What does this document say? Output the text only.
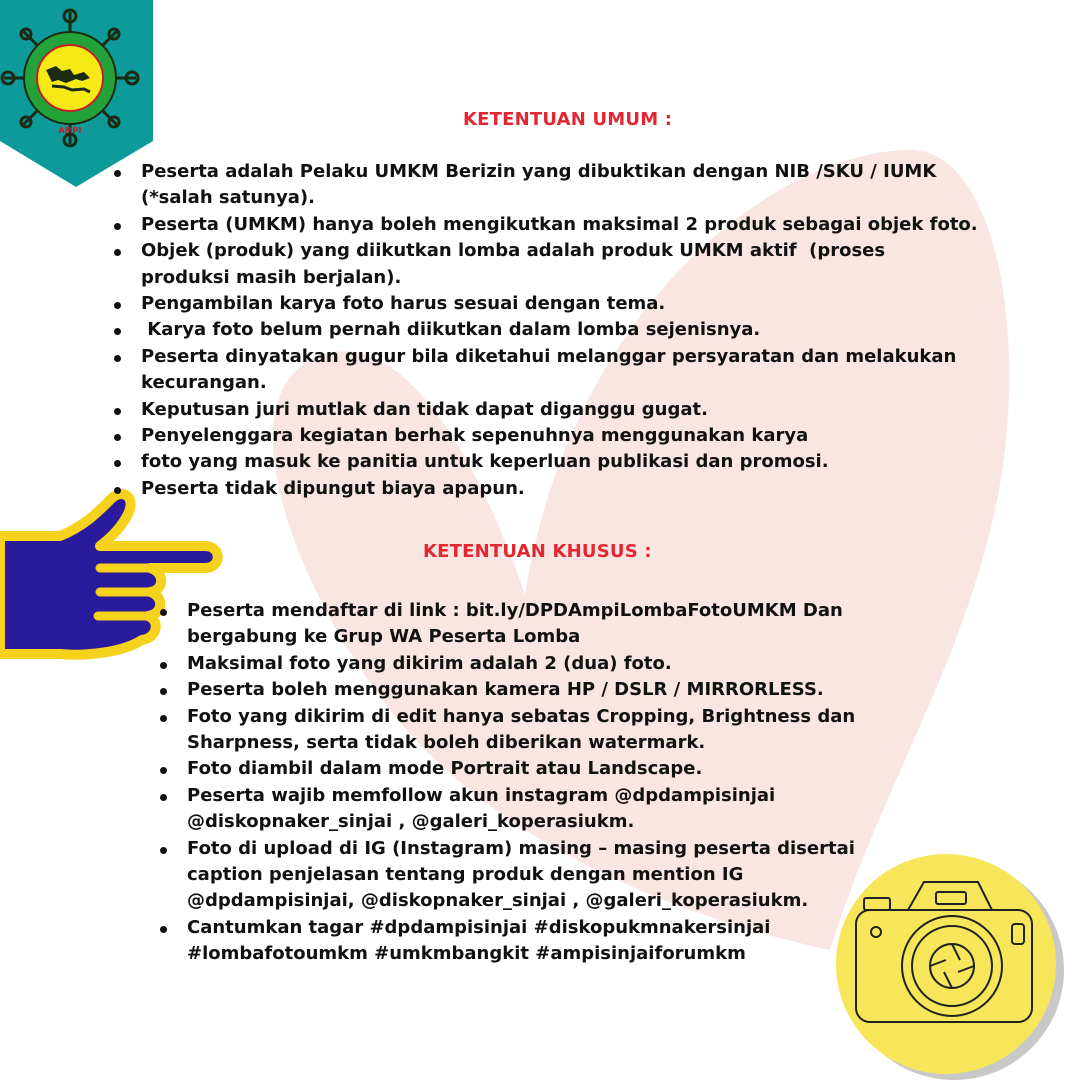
AMPI
KETENTUAN UMUM :
Peserta adalah Pelaku UMKM Berizin yang dibuktikan dengan NIB /SKU / IUMK
(*salah satunya).
Peserta (UMKM) hanya boleh mengikutkan maksimal 2 produk sebagai objek foto.
Objek (produk) yang diikutkan lomba adalah produk UMKM aktif  (proses
produksi masih berjalan).
Pengambilan karya foto harus sesuai dengan tema.
Karya foto belum pernah diikutkan dalam lomba sejenisnya.
Peserta dinyatakan gugur bila diketahui melanggar persyaratan dan melakukan
kecurangan.
Keputusan juri mutlak dan tidak dapat diganggu gugat.
Penyelenggara kegiatan berhak sepenuhnya menggunakan karya
foto yang masuk ke panitia untuk keperluan publikasi dan promosi.
Peserta tidak dipungut biaya apapun.
KETENTUAN KHUSUS :
Peserta mendaftar di link : bit.ly/DPDAmpiLombaFotoUMKM Dan
bergabung ke Grup WA Peserta Lomba
Maksimal foto yang dikirim adalah 2 (dua) foto.
Peserta boleh menggunakan kamera HP / DSLR / MIRRORLESS.
Foto yang dikirim di edit hanya sebatas Cropping, Brightness dan
Sharpness, serta tidak boleh diberikan watermark.
Foto diambil dalam mode Portrait atau Landscape.
Peserta wajib memfollow akun instagram @dpdampisinjai
@diskopnaker_sinjai , @galeri_koperasiukm.
Foto di upload di IG (Instagram) masing – masing peserta disertai
caption penjelasan tentang produk dengan mention IG
@dpdampisinjai, @diskopnaker_sinjai , @galeri_koperasiukm.
Cantumkan tagar #dpdampisinjai #diskopukmnakersinjai
#lombafotoumkm #umkmbangkit #ampisinjaiforumkm
